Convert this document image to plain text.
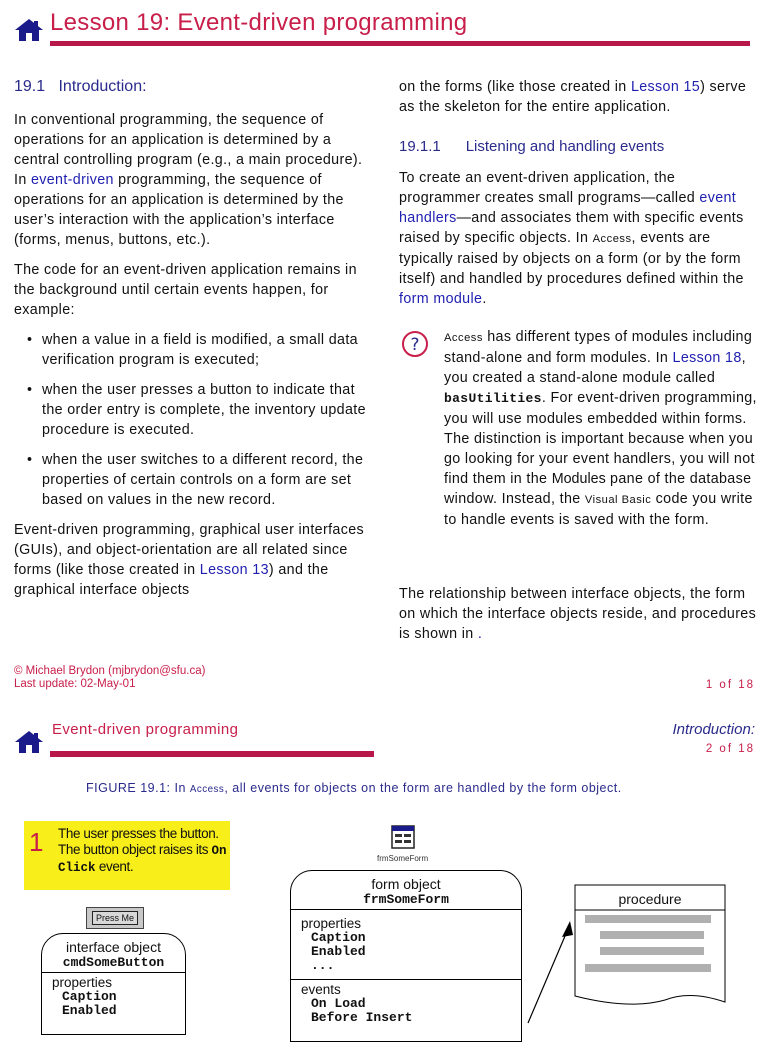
Lesson 19: Event-driven programming
19.1   Introduction:

In conventional programming, the sequence of operations for an application is determined by a central controlling program (e.g., a main procedure). In event-driven programming, the sequence of operations for an application is determined by the user’s interaction with the application’s interface (forms, menus, buttons, etc.).

The code for an event-driven application remains in the background until certain events happen, for example:

• when a value in a field is modified, a small data verification program is executed;
• when the user presses a button to indicate that the order entry is complete, the inventory update procedure is executed.
• when the user switches to a different record, the properties of certain controls on a form are set based on values in the new record.

Event-driven programming, graphical user interfaces (GUIs), and object-orientation are all related since forms (like those created in Lesson 13) and the graphical interface objects

on the forms (like those created in Lesson 15) serve as the skeleton for the entire application.

19.1.1      Listening and handling events

To create an event-driven application, the programmer creates small programs—called event handlers—and associates them with specific events raised by specific objects. In Access, events are typically raised by objects on a form (or by the form itself) and handled by procedures defined within the form module.

? Access has different types of modules including stand-alone and form modules. In Lesson 18, you created a stand-alone module called basUtilities. For event-driven programming, you will use modules embedded within forms. The distinction is important because when you go looking for your event handlers, you will not find them in the Modules pane of the database window. Instead, the Visual Basic code you write to handle events is saved with the form.

The relationship between interface objects, the form on which the interface objects reside, and procedures is shown in .

© Michael Brydon (mjbrydon@sfu.ca)
Last update: 02-May-01	1 of 18
Event-driven programming	Introduction:
2 of 18
FIGURE 19.1: In Access, all events for objects on the form are handled by the form object.
1 The user presses the button. The button object raises its On Click event.
Press Me
interface object
cmdSomeButton
properties
Caption
Enabled
frmSomeForm
form object
frmSomeForm
properties
Caption
Enabled
...
events
On Load
Before Insert
procedure
